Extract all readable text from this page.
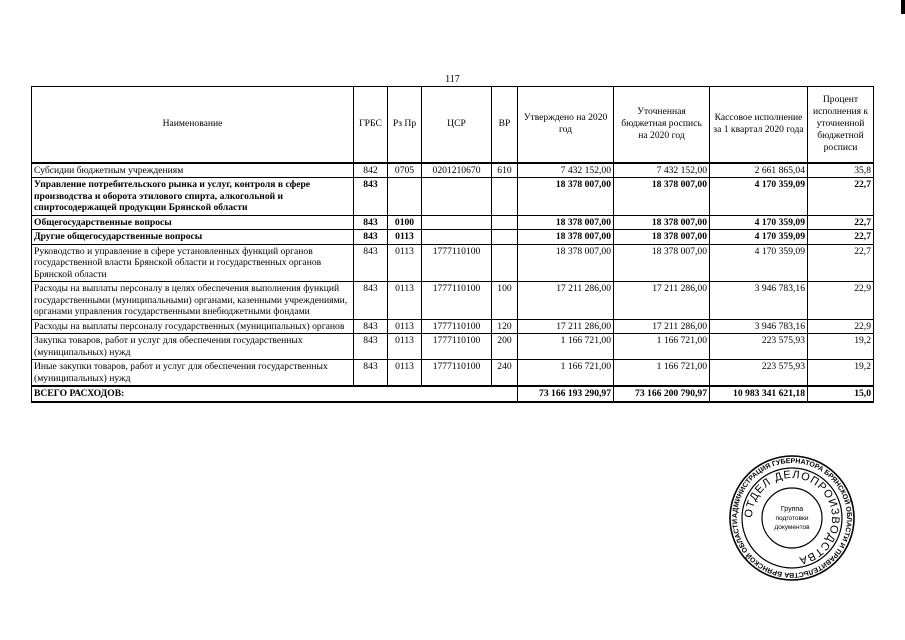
117
Наименование	ГРБС	Рз Пр	ЦСР	ВР	Утверждено на 2020 год	Уточненная бюджетная роспись на 2020 год	Кассовое исполнение за 1 квартал 2020 года	Процент исполнения к уточненной бюджетной росписи
Субсидии бюджетным учреждениям	842	0705	0201210670	610	7 432 152,00	7 432 152,00	2 661 865,04	35,8
Управление потребительского рынка и услуг, контроля в сфере производства и оборота этилового спирта, алкогольной и спиртосодержащей продукции Брянской области	843				18 378 007,00	18 378 007,00	4 170 359,09	22,7
Общегосударственные вопросы	843	0100			18 378 007,00	18 378 007,00	4 170 359,09	22,7
Другие общегосударственные вопросы	843	0113			18 378 007,00	18 378 007,00	4 170 359,09	22,7
Руководство и управление в сфере установленных функций органов государственной власти Брянской области и государственных органов Брянской области	843	0113	1777110100		18 378 007,00	18 378 007,00	4 170 359,09	22,7
Расходы на выплаты персоналу в целях обеспечения выполнения функций государственными (муниципальными) органами, казенными учреждениями, органами управления государственными внебюджетными фондами	843	0113	1777110100	100	17 211 286,00	17 211 286,00	3 946 783,16	22,9
Расходы на выплаты персоналу государственных (муниципальных) органов	843	0113	1777110100	120	17 211 286,00	17 211 286,00	3 946 783,16	22,9
Закупка товаров, работ и услуг для обеспечения государственных (муниципальных) нужд	843	0113	1777110100	200	1 166 721,00	1 166 721,00	223 575,93	19,2
Иные закупки товаров, работ и услуг для обеспечения государственных (муниципальных) нужд	843	0113	1777110100	240	1 166 721,00	1 166 721,00	223 575,93	19,2
ВСЕГО РАСХОДОВ:					73 166 193 290,97	73 166 200 790,97	10 983 341 621,18	15,0
АДМИНИСТРАЦИЯ ГУБЕРНАТОРА БРЯНСКОЙ ОБЛАСТИ И ПРАВИТЕЛЬСТВА БРЯНСКОЙ ОБЛАСТИ
ОТДЕЛ ДЕЛОПРОИЗВОДСТВА
Группа
подготовки
документов
